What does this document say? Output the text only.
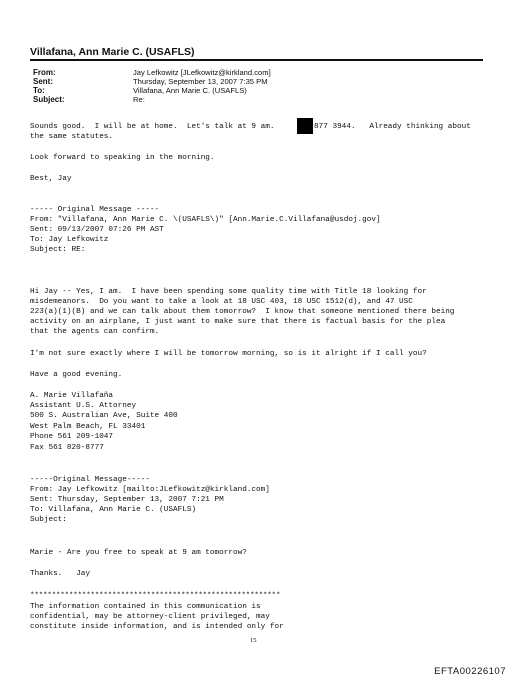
Villafana, Ann Marie C. (USAFLS)
From:	Jay Lefkowitz [JLefkowitz@kirkland.com]
Sent:	Thursday, September 13, 2007 7:35 PM
To:	Villafana, Ann Marie C. (USAFLS)
Subject:	Re:
Sounds good.  I will be at home.  Let's talk at 9 am.	877 3944.   Already thinking about
the same statutes.
Look forward to speaking in the morning.
Best, Jay
----- Original Message -----
From: "Villafana, Ann Marie C. \(USAFLS\)" [Ann.Marie.C.Villafana@usdoj.gov]
Sent: 09/13/2007 07:26 PM AST
To: Jay Lefkowitz
Subject: RE:
Hi Jay -- Yes, I am.  I have been spending some quality time with Title 18 looking for
misdemeanors.  Do you want to take a look at 18 USC 403, 18 USC 1512(d), and 47 USC
223(a)(1)(B) and we can talk about them tomorrow?  I know that someone mentioned there being
activity on an airplane, I just want to make sure that there is factual basis for the plea
that the agents can confirm.
I'm not sure exactly where I will be tomorrow morning, so is it alright if I call you?
Have a good evening.
A. Marie Villafaña
Assistant U.S. Attorney
500 S. Australian Ave, Suite 400
West Palm Beach, FL 33401
Phone 561 209-1047
Fax 561 820-8777
-----Original Message-----
From: Jay Lefkowitz [mailto:JLefkowitz@kirkland.com]
Sent: Thursday, September 13, 2007 7:21 PM
To: Villafana, Ann Marie C. (USAFLS)
Subject:
Marie - Are you free to speak at 9 am tomorrow?
Thanks.   Jay
**********************************************************
The information contained in this communication is
confidential, may be attorney-client privileged, may
constitute inside information, and is intended only for
15
EFTA00226107
